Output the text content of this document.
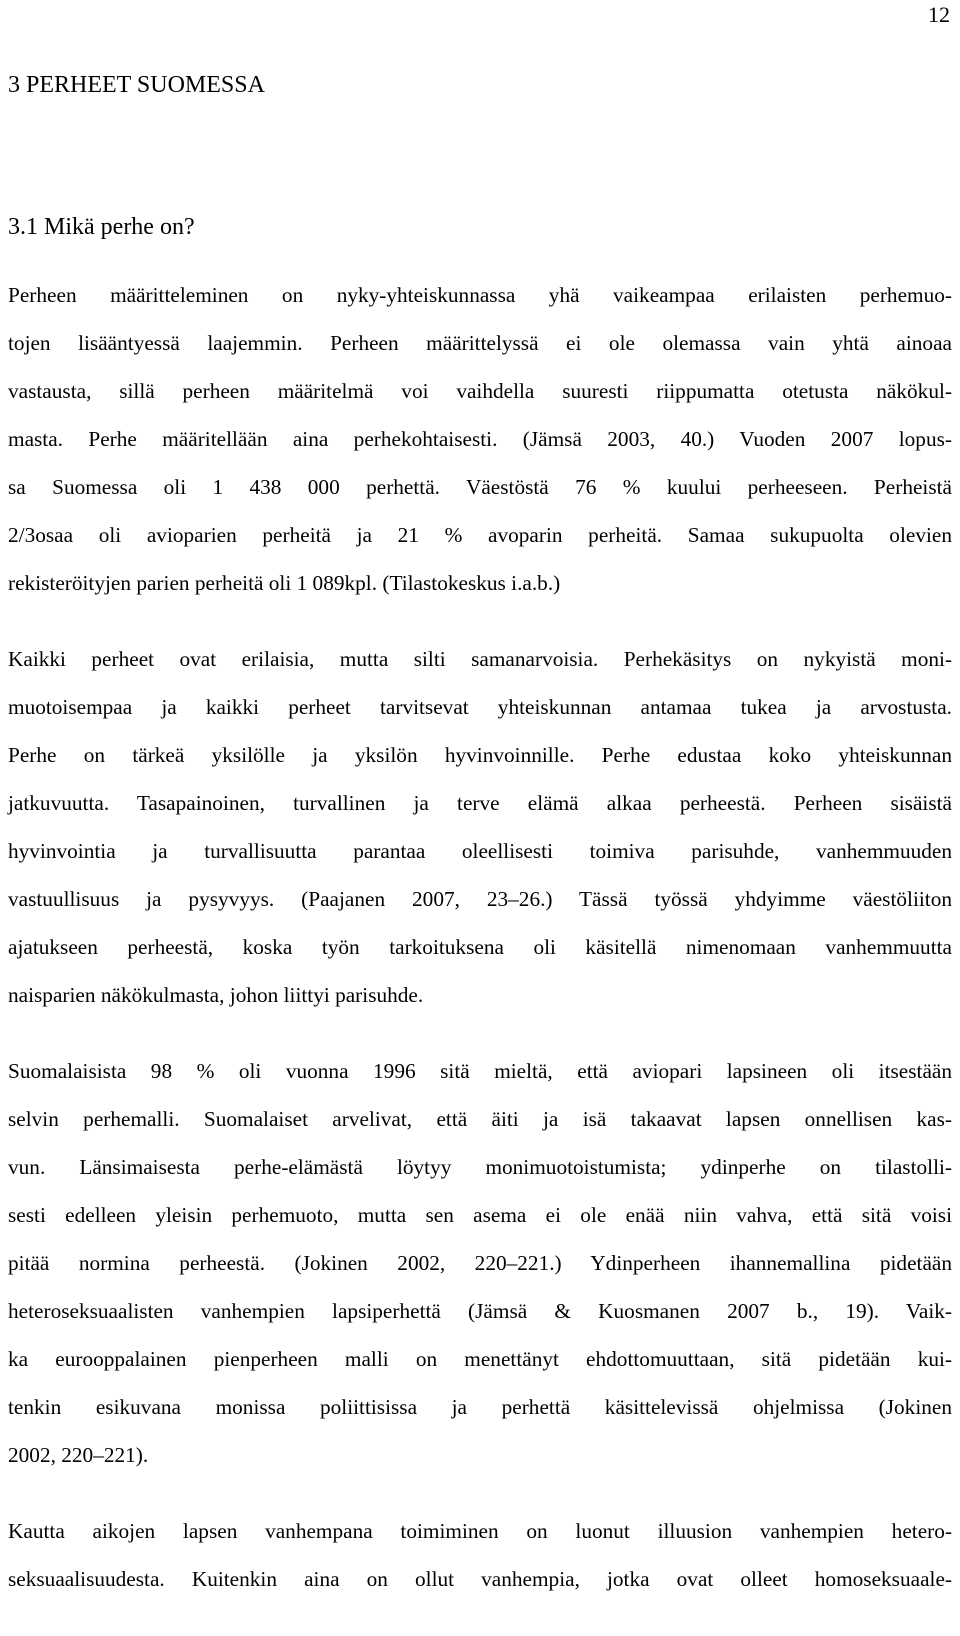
12
3 PERHEET SUOMESSA
3.1 Mikä perhe on?
Perheen määritteleminen on nyky-yhteiskunnassa yhä vaikeampaa erilaisten perhemuo-
tojen lisääntyessä laajemmin. Perheen määrittelyssä ei ole olemassa vain yhtä ainoaa
vastausta, sillä perheen määritelmä voi vaihdella suuresti riippumatta otetusta näkökul-
masta. Perhe määritellään aina perhekohtaisesti. (Jämsä 2003, 40.) Vuoden 2007 lopus-
sa Suomessa oli 1 438 000 perhettä. Väestöstä 76 % kuului perheeseen. Perheistä
2/3osaa oli avioparien perheitä ja 21 % avoparin perheitä. Samaa sukupuolta olevien
rekisteröityjen parien perheitä oli 1 089kpl. (Tilastokeskus i.a.b.)
Kaikki perheet ovat erilaisia, mutta silti samanarvoisia. Perhekäsitys on nykyistä moni-
muotoisempaa ja kaikki perheet tarvitsevat yhteiskunnan antamaa tukea ja arvostusta.
Perhe on tärkeä yksilölle ja yksilön hyvinvoinnille. Perhe edustaa koko yhteiskunnan
jatkuvuutta. Tasapainoinen, turvallinen ja terve elämä alkaa perheestä. Perheen sisäistä
hyvinvointia ja turvallisuutta parantaa oleellisesti toimiva parisuhde, vanhemmuuden
vastuullisuus ja pysyvyys. (Paajanen 2007, 23–26.) Tässä työssä yhdyimme väestöliiton
ajatukseen perheestä, koska työn tarkoituksena oli käsitellä nimenomaan vanhemmuutta
naisparien näkökulmasta, johon liittyi parisuhde.
Suomalaisista 98 % oli vuonna 1996 sitä mieltä, että aviopari lapsineen oli itsestään
selvin perhemalli. Suomalaiset arvelivat, että äiti ja isä takaavat lapsen onnellisen kas-
vun. Länsimaisesta perhe-elämästä löytyy monimuotoistumista; ydinperhe on tilastolli-
sesti edelleen yleisin perhemuoto, mutta sen asema ei ole enää niin vahva, että sitä voisi
pitää normina perheestä. (Jokinen 2002, 220–221.) Ydinperheen ihannemallina pidetään
heteroseksuaalisten vanhempien lapsiperhettä (Jämsä & Kuosmanen 2007 b., 19). Vaik-
ka eurooppalainen pienperheen malli on menettänyt ehdottomuuttaan, sitä pidetään kui-
tenkin esikuvana monissa poliittisissa ja perhettä käsittelevissä ohjelmissa (Jokinen
2002, 220–221).
Kautta aikojen lapsen vanhempana toimiminen on luonut illuusion vanhempien hetero-
seksuaalisuudesta. Kuitenkin aina on ollut vanhempia, jotka ovat olleet homoseksuaale-
